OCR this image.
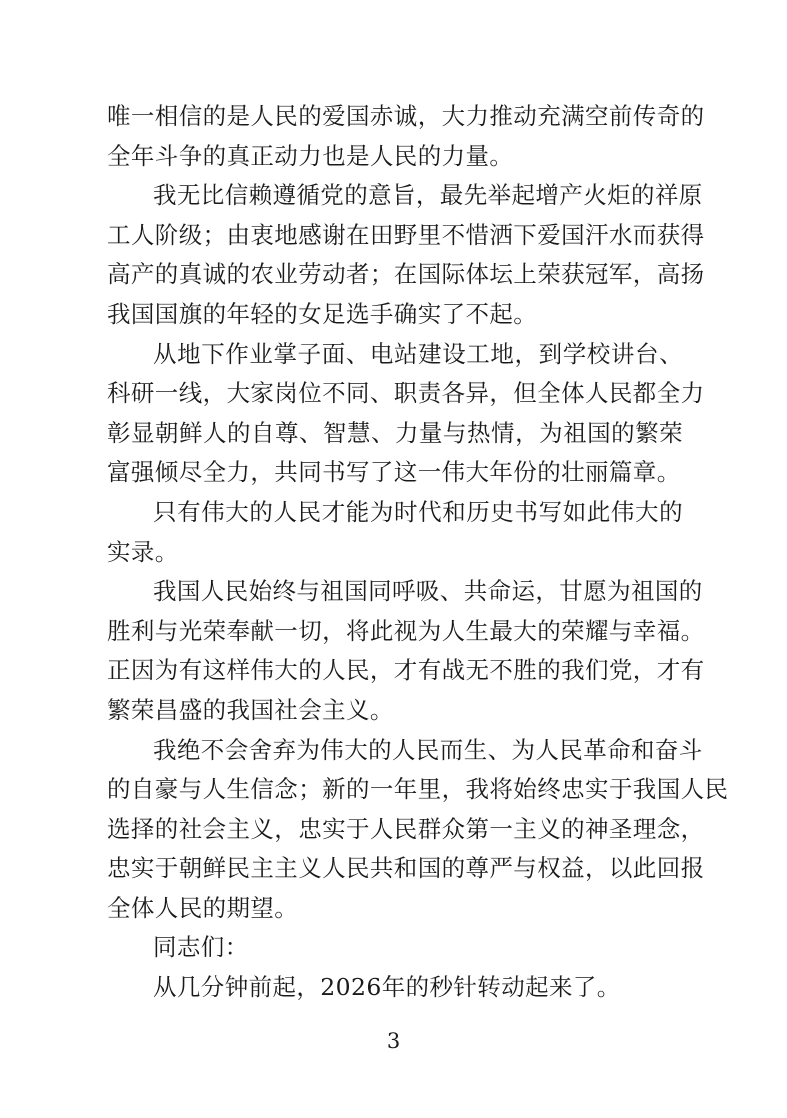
唯一相信的是人民的爱国赤诚，大力推动充满空前传奇的
全年斗争的真正动力也是人民的力量。

我无比信赖遵循党的意旨，最先举起增产火炬的祥原
工人阶级；由衷地感谢在田野里不惜洒下爱国汗水而获得
高产的真诚的农业劳动者；在国际体坛上荣获冠军，高扬
我国国旗的年轻的女足选手确实了不起。

从地下作业掌子面、电站建设工地，到学校讲台、
科研一线，大家岗位不同、职责各异，但全体人民都全力
彰显朝鲜人的自尊、智慧、力量与热情，为祖国的繁荣
富强倾尽全力，共同书写了这一伟大年份的壮丽篇章。

只有伟大的人民才能为时代和历史书写如此伟大的
实录。

我国人民始终与祖国同呼吸、共命运，甘愿为祖国的
胜利与光荣奉献一切，将此视为人生最大的荣耀与幸福。
正因为有这样伟大的人民，才有战无不胜的我们党，才有
繁荣昌盛的我国社会主义。

我绝不会舍弃为伟大的人民而生、为人民革命和奋斗
的自豪与人生信念；新的一年里，我将始终忠实于我国人民
选择的社会主义，忠实于人民群众第一主义的神圣理念，
忠实于朝鲜民主主义人民共和国的尊严与权益，以此回报
全体人民的期望。

同志们：

从几分钟前起，2026年的秒针转动起来了。

3
